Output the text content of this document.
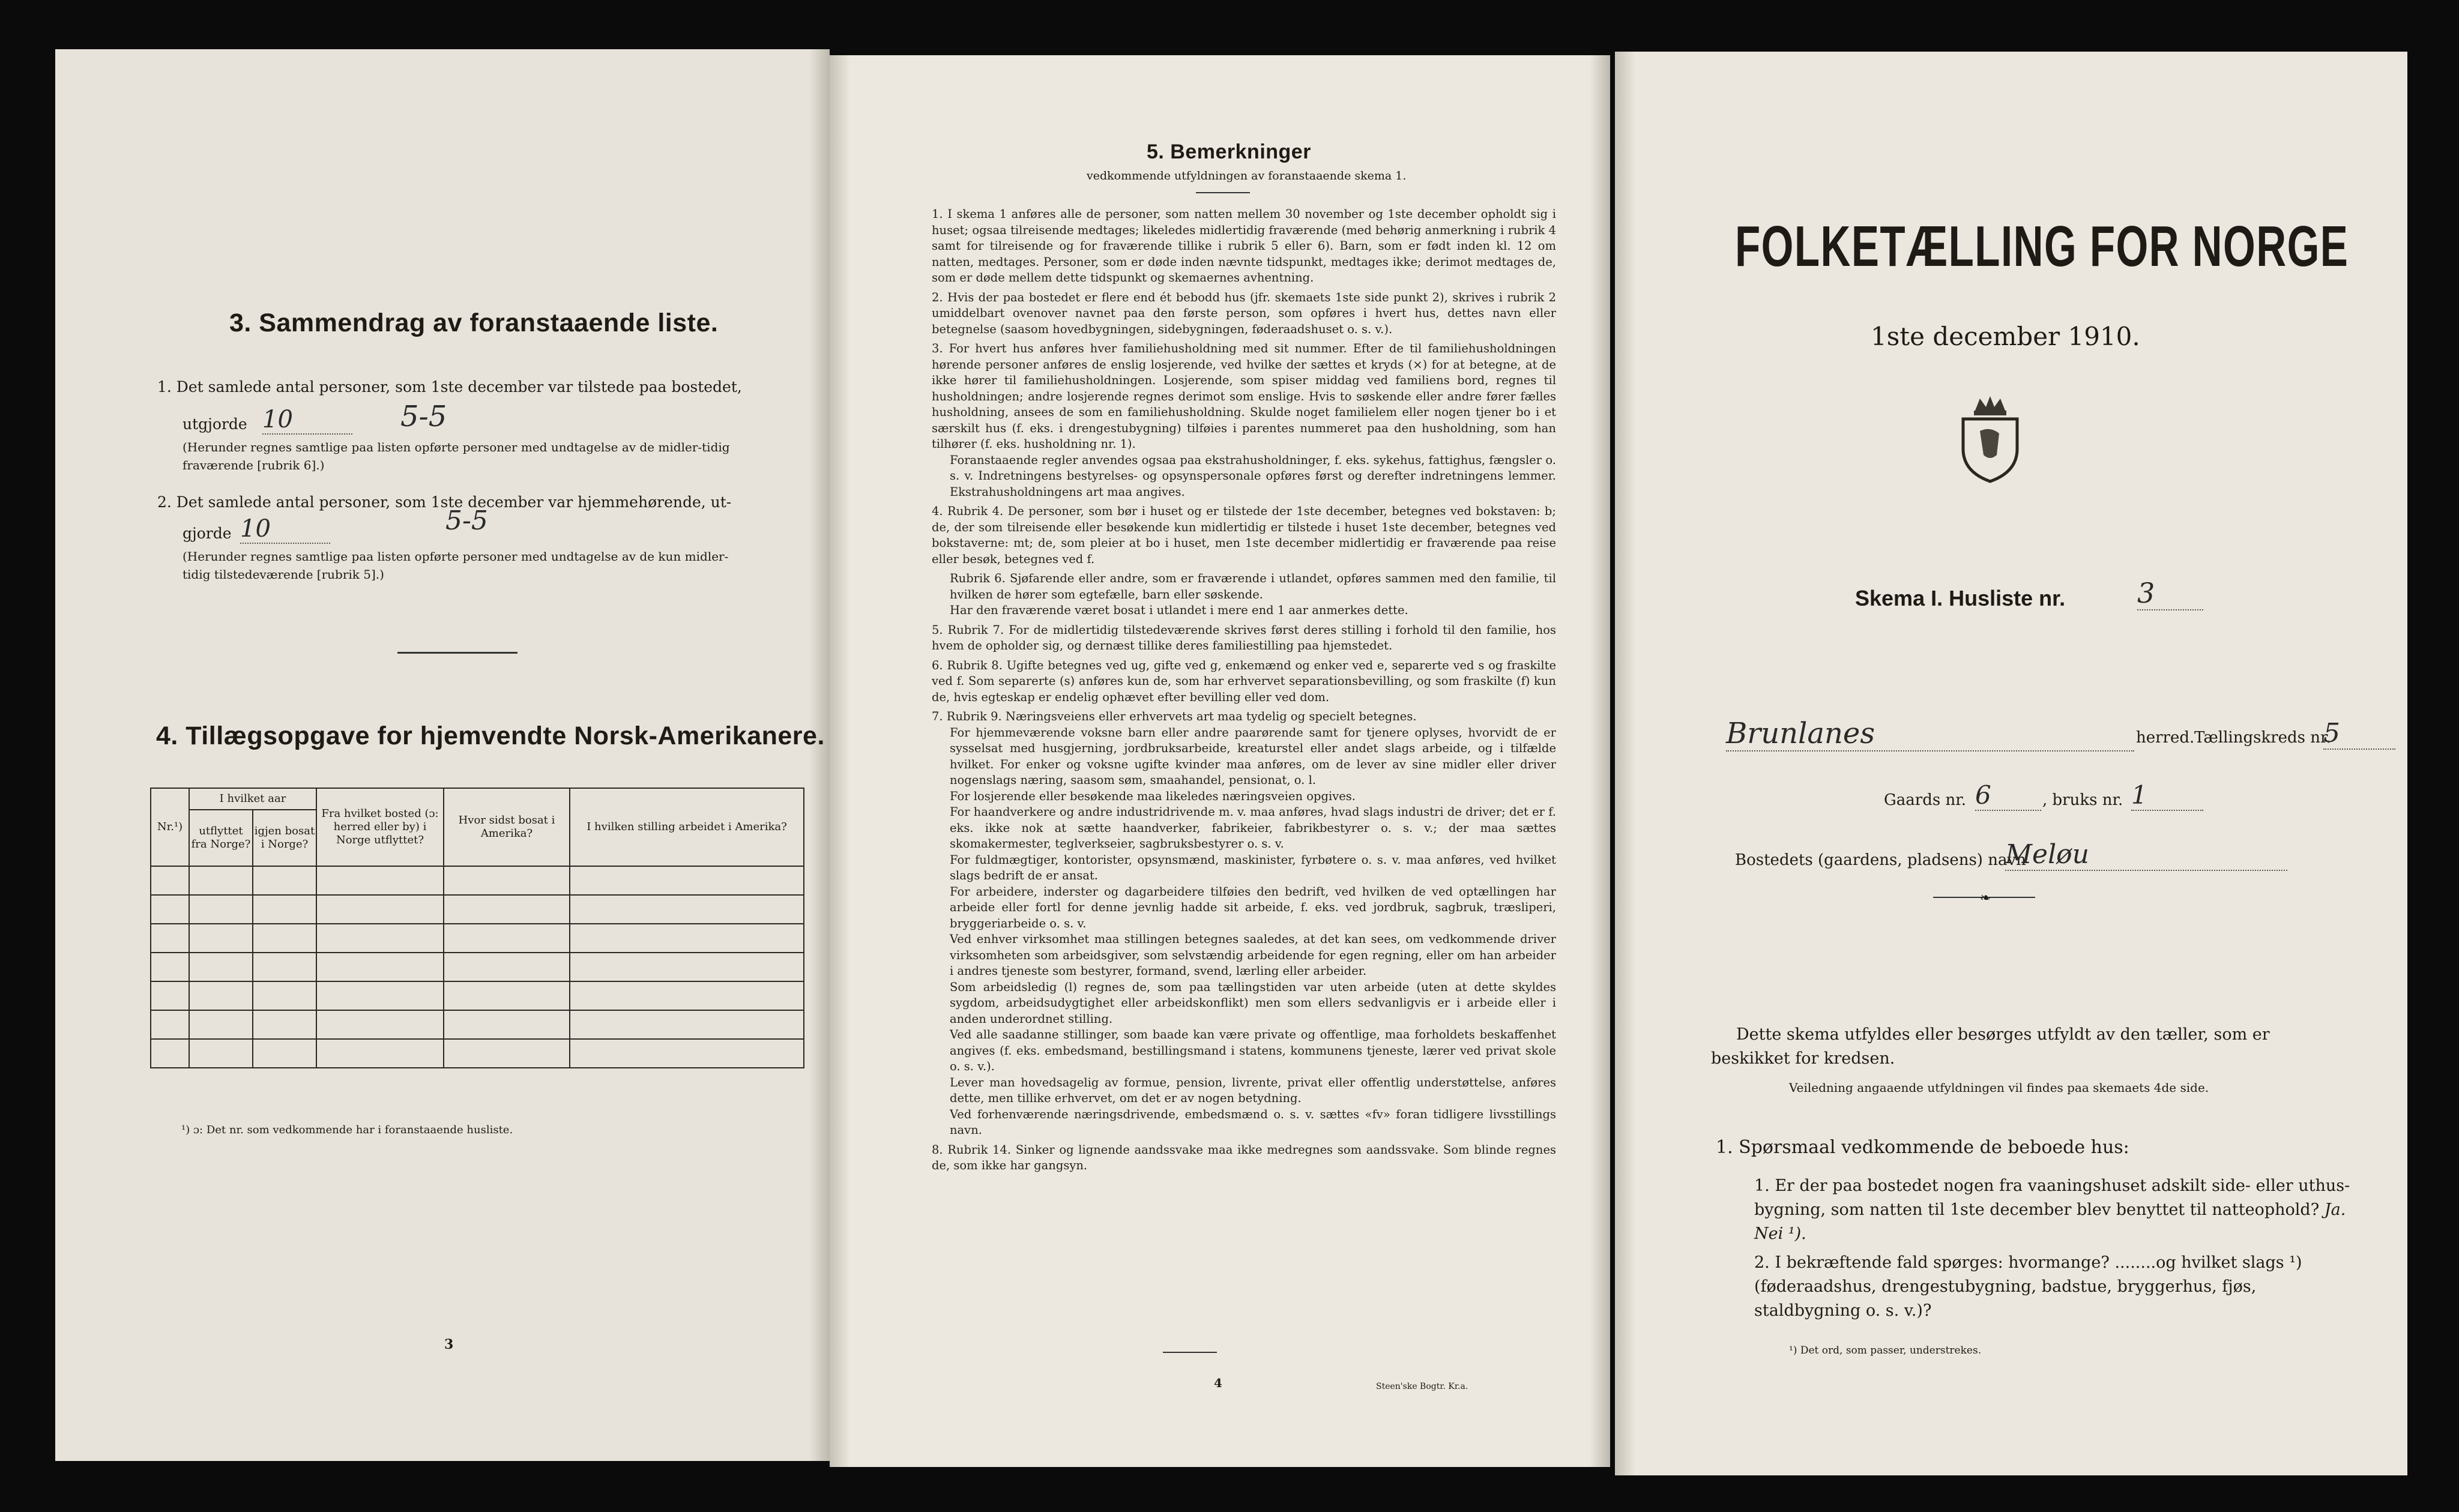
3. Sammendrag av foranstaaende liste.
1. Det samlede antal personer, som 1ste december var tilstede paa bostedet,
utgjorde 10	5-5
(Herunder regnes samtlige paa listen opførte personer med undtagelse av de midler-tidig
fraværende [rubrik 6].)
2. Det samlede antal personer, som 1ste december var hjemmehørende, ut-
gjorde 10	5-5
(Herunder regnes samtlige paa listen opførte personer med undtagelse av de kun midler-
tidig tilstedeværende [rubrik 5].)
4. Tillægsopgave for hjemvendte Norsk-Amerikanere.
Nr.¹)	I hvilket aar		Fra hvilket bosted (ɔ: herred eller by) i Norge utflyttet?	Hvor sidst bosat i Amerika?	I hvilken stilling arbeidet i Amerika?
	utflyttet fra Norge?	igjen bosat i Norge?			

¹) ɔ: Det nr. som vedkommende har i foranstaaende husliste.
3
5. Bemerkninger
vedkommende utfyldningen av foranstaaende skema 1.

1. I skema 1 anføres alle de personer, som natten mellem 30 november og 1ste december opholdt sig i huset; ogsaa tilreisende medtages; likeledes midlertidig fraværende (med behørig anmerkning i rubrik 4 samt for tilreisende og for fraværende tillike i rubrik 5 eller 6). Barn, som er født inden kl. 12 om natten, medtages. Personer, som er døde inden nævnte tidspunkt, medtages ikke; derimot medtages de, som er døde mellem dette tidspunkt og skemaernes avhentning.

2. Hvis der paa bostedet er flere end ét bebodd hus (jfr. skemaets 1ste side punkt 2), skrives i rubrik 2 umiddelbart ovenover navnet paa den første person, som opføres i hvert hus, dettes navn eller betegnelse (saasom hovedbygningen, sidebygningen, føderaadshuset o. s. v.).

3. For hvert hus anføres hver familiehusholdning med sit nummer. Efter de til familiehusholdningen hørende personer anføres de enslig losjerende, ved hvilke der sættes et kryds (×) for at betegne, at de ikke hører til familiehusholdningen. Losjerende, som spiser middag ved familiens bord, regnes til husholdningen; andre losjerende regnes derimot som enslige. Hvis to søskende eller andre fører fælles husholdning, ansees de som en familiehusholdning. Skulde noget familielem eller nogen tjener bo i et særskilt hus (f. eks. i drengestubygning) tilføies i parentes nummeret paa den husholdning, som han tilhører (f. eks. husholdning nr. 1).

Foranstaaende regler anvendes ogsaa paa ekstrahusholdninger, f. eks. sykehus, fattighus, fængsler o. s. v. Indretningens bestyrelses- og opsynspersonale opføres først og derefter indretningens lemmer. Ekstrahusholdningens art maa angives.

4. Rubrik 4. De personer, som bør i huset og er tilstede der 1ste december, betegnes ved bokstaven: b; de, der som tilreisende eller besøkende kun midlertidig er tilstede i huset 1ste december, betegnes ved bokstaverne: mt; de, som pleier at bo i huset, men 1ste december midlertidig er fraværende paa reise eller besøk, betegnes ved f.

Rubrik 6. Sjøfarende eller andre, som er fraværende i utlandet, opføres sammen med den familie, til hvilken de hører som egtefælle, barn eller søskende.

Har den fraværende været bosat i utlandet i mere end 1 aar anmerkes dette.

5. Rubrik 7. For de midlertidig tilstedeværende skrives først deres stilling i forhold til den familie, hos hvem de opholder sig, og dernæst tillike deres familiestilling paa hjemstedet.

6. Rubrik 8. Ugifte betegnes ved ug, gifte ved g, enkemænd og enker ved e, separerte ved s og fraskilte ved f. Som separerte (s) anføres kun de, som har erhvervet separationsbevilling, og som fraskilte (f) kun de, hvis egteskap er endelig ophævet efter bevilling eller ved dom.

7. Rubrik 9. Næringsveiens eller erhvervets art maa tydelig og specielt betegnes.

For hjemmeværende voksne barn eller andre paarørende samt for tjenere oplyses, hvorvidt de er sysselsat med husgjerning, jordbruksarbeide, kreaturstel eller andet slags arbeide, og i tilfælde hvilket. For enker og voksne ugifte kvinder maa anføres, om de lever av sine midler eller driver nogenslags næring, saasom søm, smaahandel, pensionat, o. l.

For losjerende eller besøkende maa likeledes næringsveien opgives.

For haandverkere og andre industridrivende m. v. maa anføres, hvad slags industri de driver; det er f. eks. ikke nok at sætte haandverker, fabrikeier, fabrikbestyrer o. s. v.; der maa sættes skomakermester, teglverkseier, sagbruksbestyrer o. s. v.

For fuldmægtiger, kontorister, opsynsmænd, maskinister, fyrbøtere o. s. v. maa anføres, ved hvilket slags bedrift de er ansat.

For arbeidere, inderster og dagarbeidere tilføies den bedrift, ved hvilken de ved optællingen har arbeide eller fortl for denne jevnlig hadde sit arbeide, f. eks. ved jordbruk, sagbruk, træsliperi, bryggeriarbeide o. s. v.

Ved enhver virksomhet maa stillingen betegnes saaledes, at det kan sees, om vedkommende driver virksomheten som arbeidsgiver, som selvstændig arbeidende for egen regning, eller om han arbeider i andres tjeneste som bestyrer, formand, svend, lærling eller arbeider.

Som arbeidsledig (l) regnes de, som paa tællingstiden var uten arbeide (uten at dette skyldes sygdom, arbeidsudygtighet eller arbeidskonflikt) men som ellers sedvanligvis er i arbeide eller i anden underordnet stilling.

Ved alle saadanne stillinger, som baade kan være private og offentlige, maa forholdets beskaffenhet angives (f. eks. embedsmand, bestillingsmand i statens, kommunens tjeneste, lærer ved privat skole o. s. v.).

Lever man hovedsagelig av formue, pension, livrente, privat eller offentlig understøttelse, anføres dette, men tillike erhvervet, om det er av nogen betydning.

Ved forhenværende næringsdrivende, embedsmænd o. s. v. sættes «fv» foran tidligere livsstillings navn.

8. Rubrik 14. Sinker og lignende aandssvake maa ikke medregnes som aandssvake. Som blinde regnes de, som ikke har gangsyn.

4	Steen'ske Bogtr. Kr.a.
FOLKETÆLLING FOR NORGE
1ste december 1910.
Skema I. Husliste nr.	3
Brunlanes	herred. Tællingskreds nr.
5
Gaards nr. 6	, bruks nr. 1
Bostedets (gaardens, pladsens) navn
Meløu
❧
Dette skema utfyldes eller besørges utfyldt av den tæller, som er beskikket for kredsen.
Veiledning angaaende utfyldningen vil findes paa skemaets 4de side.
1. Spørsmaal vedkommende de beboede hus:
1. Er der paa bostedet nogen fra vaaningshuset adskilt side- eller uthus-bygning, som natten til 1ste december blev benyttet til natteophold? Ja. Nei ¹).
2. I bekræftende fald spørges: hvormange? ........og hvilket slags ¹) (føderaadshus, drengestubygning, badstue, bryggerhus, fjøs, staldbygning o. s. v.)?
¹) Det ord, som passer, understrekes.
